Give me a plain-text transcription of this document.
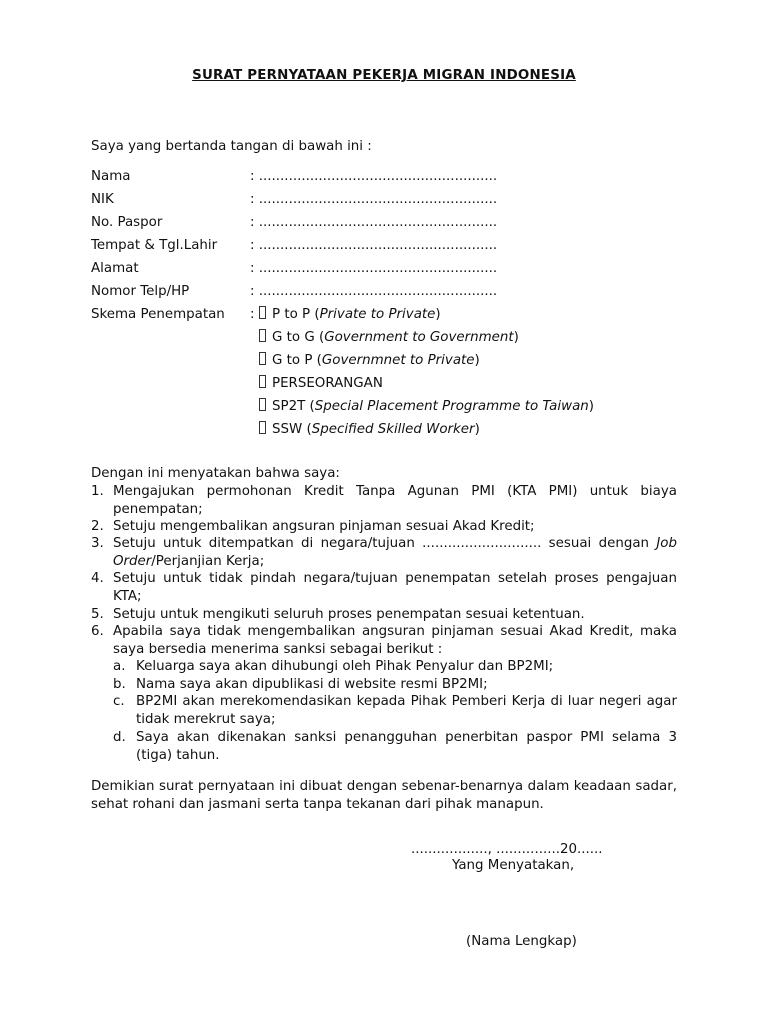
SURAT PERNYATAAN PEKERJA MIGRAN INDONESIA
Saya yang bertanda tangan di bawah ini :
Nama	: ........................................................
NIK	: ........................................................
No. Paspor	: ........................................................
Tempat & Tgl.Lahir : ........................................................
Alamat	: ........................................................
Nomor Telp/HP	: ........................................................
Skema Penempatan :	P to P (Private to Private)
G to G (Government to Government)
G to P (Governmnet to Private)
PERSEORANGAN
SP2T (Special Placement Programme to Taiwan)
SSW (Specified Skilled Worker)
Dengan ini menyatakan bahwa saya:
1. Mengajukan permohonan Kredit Tanpa Agunan PMI (KTA PMI) untuk biaya penempatan;
2. Setuju mengembalikan angsuran pinjaman sesuai Akad Kredit;
3. Setuju untuk ditempatkan di negara/tujuan ............................ sesuai dengan Job Order/Perjanjian Kerja;
4. Setuju untuk tidak pindah negara/tujuan penempatan setelah proses pengajuan KTA;
5. Setuju untuk mengikuti seluruh proses penempatan sesuai ketentuan.
6. Apabila saya tidak mengembalikan angsuran pinjaman sesuai Akad Kredit, maka saya bersedia menerima sanksi sebagai berikut :
a. Keluarga saya akan dihubungi oleh Pihak Penyalur dan BP2MI;
b. Nama saya akan dipublikasi di website resmi BP2MI;
c. BP2MI akan merekomendasikan kepada Pihak Pemberi Kerja di luar negeri agar tidak merekrut saya;
d. Saya akan dikenakan sanksi penangguhan penerbitan paspor PMI selama 3 (tiga) tahun.
Demikian surat pernyataan ini dibuat dengan sebenar-benarnya dalam keadaan sadar, sehat rohani dan jasmani serta tanpa tekanan dari pihak manapun.
.................., ...............20......
Yang Menyatakan,
(Nama Lengkap)
